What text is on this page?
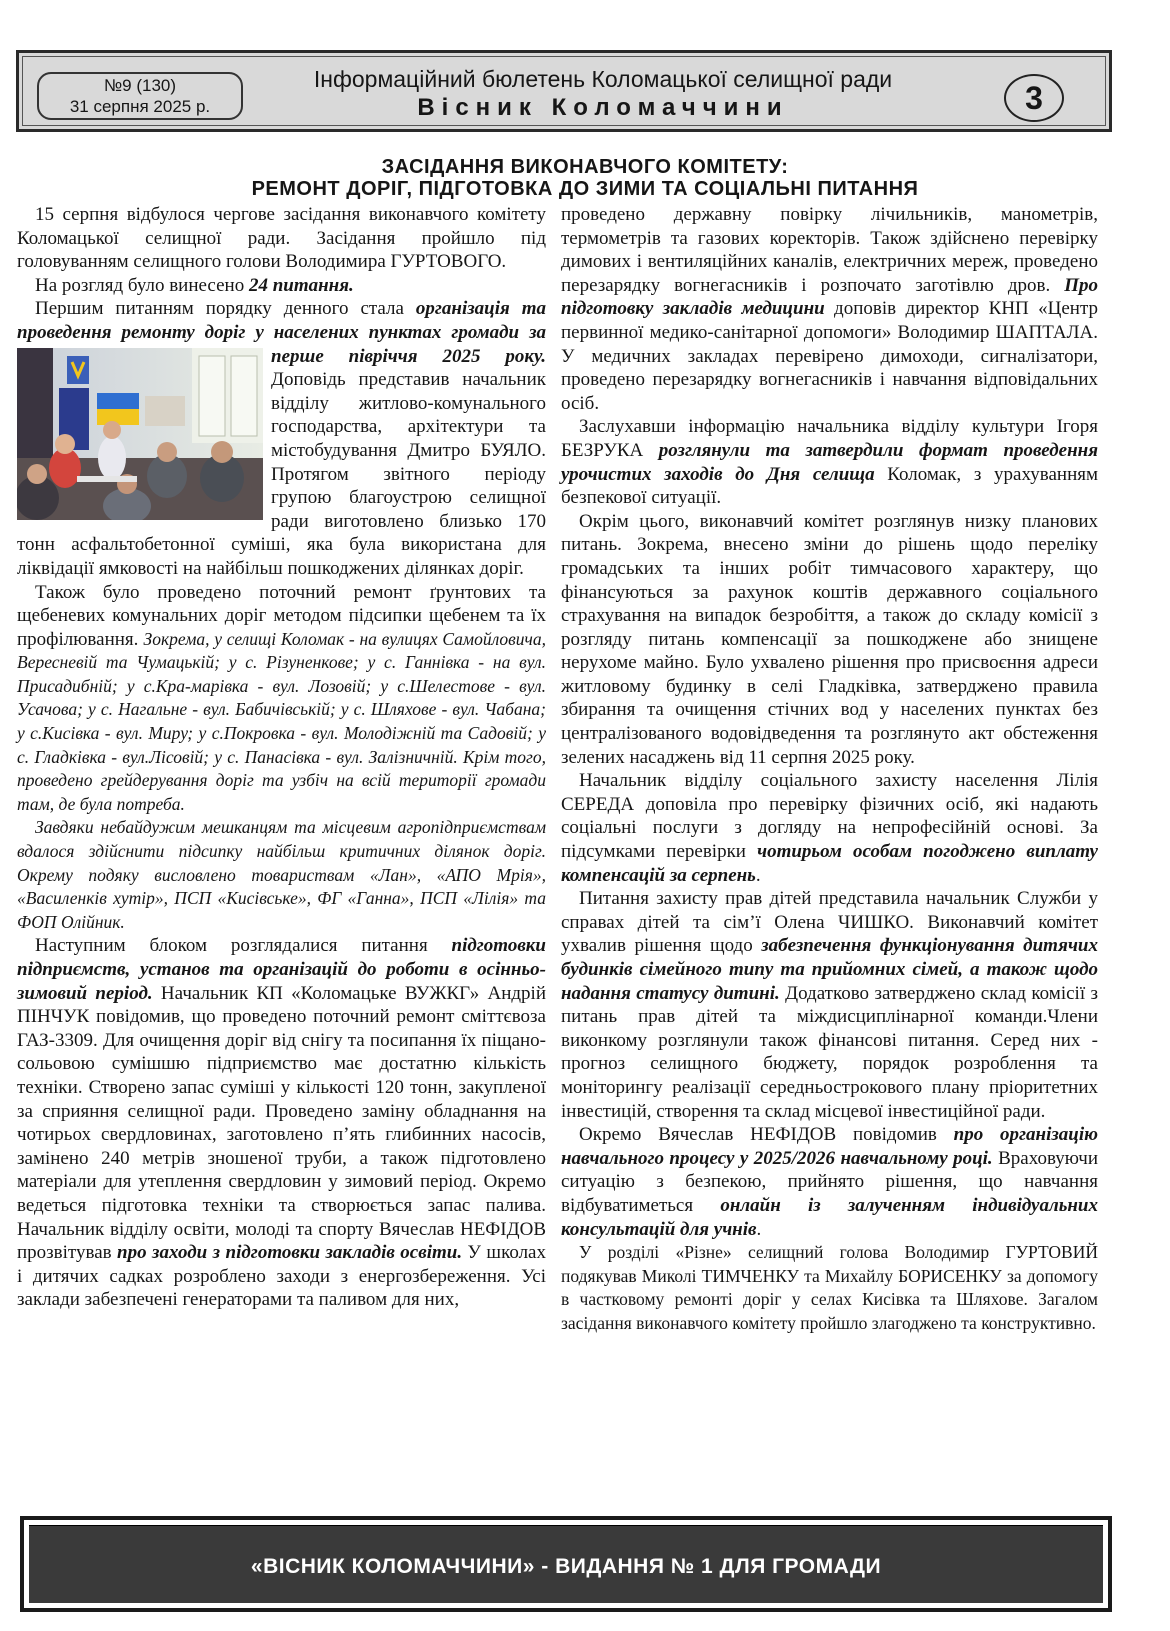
№9 (130)
31 серпня 2025 р.
Інформаційний бюлетень Коломацької селищної ради
Вісник Коломаччини	3
ЗАСІДАННЯ ВИКОНАВЧОГО КОМІТЕТУ:
РЕМОНТ ДОРІГ, ПІДГОТОВКА ДО ЗИМИ ТА СОЦІАЛЬНІ ПИТАННЯ

15 серпня відбулося чергове засідання виконавчого комітету Коломацької селищної ради. Засідання пройшло під головуванням селищного голови Володимира ГУРТОВОГО.

На розгляд було винесено 24 питання.

Першим питанням порядку денного стала організація та проведення ремонту доріг у населених пунктах громади за перше півріччя 2025 року.
Доповідь представив начальник відділу житлово-комунального господарства, архітектури та містобудування Дмитро БУЯЛО. Протягом звітного періоду групою благоустрою селищної ради виготовлено близько 170 тонн асфальтобетонної суміші, яка була використана для ліквідації ямковості на найбільш пошкоджених ділянках доріг.

Також було проведено поточний ремонт ґрунтових та щебеневих комунальних доріг методом підсипки щебенем та їх профілювання. Зокрема, у селищі Коломак - на вулицях Самойловича, Вересневій та Чумацькій; у с. Різуненкове; у с. Ганнівка - на вул. Присадибній; у с.Кра-марівка - вул. Лозовій; у с.Шелестове - вул. Усачова; у с. Нагальне - вул. Бабичівській; у с. Шляхове - вул. Чабана; у с.Кисівка - вул. Миру; у с.Покровка - вул. Молодіжній та Садовій; у с. Гладківка - вул.Лісовій; у с. Панасівка - вул. Залізничній. Крім того, проведено грейдерування доріг та узбіч на всій території громади там, де була потреба.

Завдяки небайдужим мешканцям та місцевим агропідприємствам вдалося здійснити підсипку найбільш критичних ділянок доріг. Окрему подяку висловлено товариствам «Лан», «АПО Мрія», «Василенків хутір», ПСП «Кисівське», ФГ «Ганна», ПСП «Лілія» та ФОП Олійник.

Наступним блоком розглядалися питання підготовки підприємств, установ та організацій до роботи в осінньо-зимовий період. Начальник КП «Коломацьке ВУЖКГ» Андрій ПІНЧУК повідомив, що проведено поточний ремонт сміттєвоза ГАЗ-3309. Для очищення доріг від снігу та посипання їх піщано-сольовою сумішшю підприємство має достатню кількість техніки. Створено запас суміші у кількості 120 тонн, закупленої за сприяння селищної ради. Проведено заміну обладнання на чотирьох свердловинах, заготовлено п’ять глибинних насосів, замінено 240 метрів зношеної труби, а також підготовлено матеріали для утеплення свердловин у зимовий період. Окремо ведеться підготовка техніки та створюється запас палива. Начальник відділу освіти, молоді та спорту Вячеслав НЕФІДОВ прозвітував про заходи з підготовки закладів освіти. У школах і дитячих садках розроблено заходи з енергозбереження. Усі заклади забезпечені генераторами та паливом для них,

проведено державну повірку лічильників, манометрів, термометрів та газових коректорів. Також здійснено перевірку димових і вентиляційних каналів, електричних мереж, проведено перезарядку вогнегасників і розпочато заготівлю дров. Про підготовку закладів медицини доповів директор КНП «Центр первинної медико-санітарної допомоги» Володимир ШАПТАЛА. У медичних закладах перевірено димоходи, сигналізатори, проведено перезарядку вогнегасників і навчання відповідальних осіб.

Заслухавши інформацію начальника відділу культури Ігоря БЕЗРУКА розглянули та затвердили формат проведення урочистих заходів до Дня селища Коломак, з урахуванням безпекової ситуації.

Окрім цього, виконавчий комітет розглянув низку планових питань. Зокрема, внесено зміни до рішень щодо переліку громадських та інших робіт тимчасового характеру, що фінансуються за рахунок коштів державного соціального страхування на випадок безробіття, а також до складу комісії з розгляду питань компенсації за пошкоджене або знищене нерухоме майно. Було ухвалено рішення про присвоєння адреси житловому будинку в селі Гладківка, затверджено правила збирання та очищення стічних вод у населених пунктах без централізованого водовідведення та розглянуто акт обстеження зелених насаджень від 11 серпня 2025 року.

Начальник відділу соціального захисту населення Лілія СЕРЕДА доповіла про перевірку фізичних осіб, які надають соціальні послуги з догляду на непрофесійній основі. За підсумками перевірки чотирьом особам погоджено виплату компенсацій за серпень.

Питання захисту прав дітей представила начальник Служби у справах дітей та сім’ї Олена ЧИШКО. Виконавчий комітет ухвалив рішення щодо забезпечення функціонування дитячих будинків сімейного типу та прийомних сімей, а також щодо надання статусу дитині. Додатково затверджено склад комісії з питань прав дітей та міждисциплінарної команди.Члени виконкому розглянули також фінансові питання. Серед них - прогноз селищного бюджету, порядок розроблення та моніторингу реалізації середньострокового плану пріоритетних інвестицій, створення та склад місцевої інвестиційної ради.

Окремо Вячеслав НЕФІДОВ повідомив про організацію навчального процесу у 2025/2026 навчальному році. Враховуючи ситуацію з безпекою, прийнято рішення, що навчання відбуватиметься онлайн із залученням індивідуальних консультацій для учнів.

У розділі «Різне» селищний голова Володимир ГУРТОВИЙ подякував Миколі ТИМЧЕНКУ та Михайлу БОРИСЕНКУ за допомогу в частковому ремонті доріг у селах Кисівка та Шляхове. Загалом засідання виконавчого комітету пройшло злагоджено та конструктивно.

«ВІСНИК КОЛОМАЧЧИНИ» - ВИДАННЯ № 1 ДЛЯ ГРОМАДИ
